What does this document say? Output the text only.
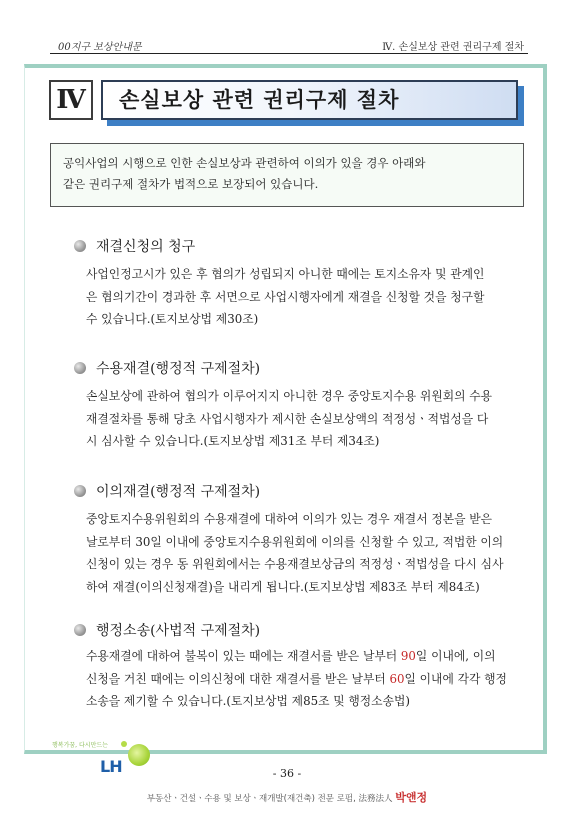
00지구 보상안내문	Ⅳ. 손실보상 관련 권리구제 절차
Ⅳ	손실보상 관련 권리구제 절차
공익사업의 시행으로 인한 손실보상과 관련하여 이의가 있을 경우 아래와
같은 권리구제 절차가 법적으로 보장되어 있습니다.
재결신청의 청구
사업인정고시가 있은 후 협의가 성립되지 아니한 때에는 토지소유자 및 관계인
은 협의기간이 경과한 후 서면으로 사업시행자에게 재결을 신청할 것을 청구할
수 있습니다.(토지보상법 제30조)
수용재결(행정적 구제절차)
손실보상에 관하여 협의가 이루어지지 아니한 경우 중앙토지수용 위원회의 수용
재결절차를 통해 당초 사업시행자가 제시한 손실보상액의 적정성ㆍ적법성을 다
시 심사할 수 있습니다.(토지보상법 제31조 부터 제34조)
이의재결(행정적 구제절차)
중앙토지수용위원회의 수용재결에 대하여 이의가 있는 경우 재결서 정본을 받은
날로부터 30일 이내에 중앙토지수용위원회에 이의를 신청할 수 있고, 적법한 이의
신청이 있는 경우 동 위원회에서는 수용재결보상금의 적정성ㆍ적법성을 다시 심사
하여 재결(이의신청재결)을 내리게 됩니다.(토지보상법 제83조 부터 제84조)
행정소송(사법적 구제절차)
수용재결에 대하여 불복이 있는 때에는 재결서를 받은 날부터 90일 이내에, 이의
신청을 거친 때에는 이의신청에 대한 재결서를 받은 날부터 60일 이내에 각각 행정
소송을 제기할 수 있습니다.(토지보상법 제85조 및 행정소송법)
행복가꿈, 다시만드는
LH	- 36 -
부동산ㆍ건설ㆍ수용 및 보상ㆍ재개발(재건축) 전문 로펌, 法務法人 박앤정
